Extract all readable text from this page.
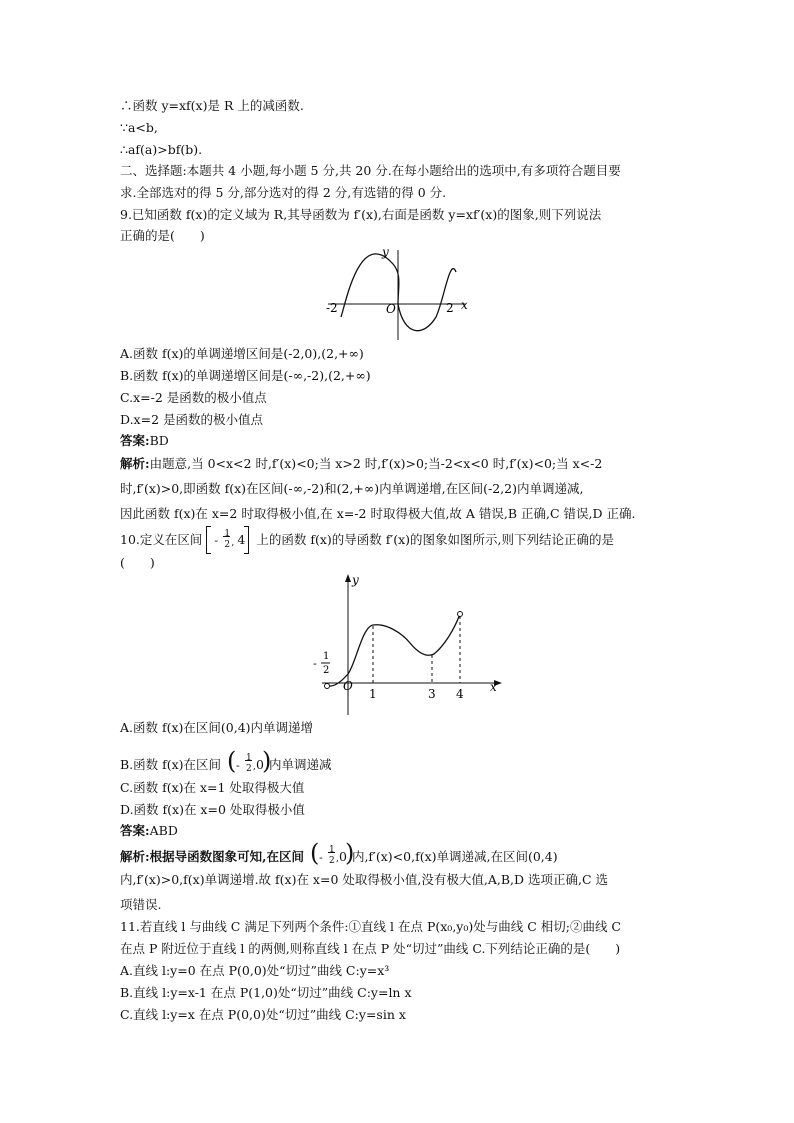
∴函数 y=xf(x)是 R 上的减函数.
∵a<b,
∴af(a)>bf(b).
二、选择题:本题共 4 小题,每小题 5 分,共 20 分.在每小题给出的选项中,有多项符合题目要
求.全部选对的得 5 分,部分选对的得 2 分,有选错的得 0 分.
9.已知函数 f(x)的定义域为 R,其导函数为 f′(x),右面是函数 y=xf′(x)的图象,则下列说法
正确的是(　　)
A.函数 f(x)的单调递增区间是(-2,0),(2,+∞)
B.函数 f(x)的单调递增区间是(-∞,-2),(2,+∞)
C.x=-2 是函数的极小值点
D.x=2 是函数的极小值点
答案:BD
解析:由题意,当 0<x<2 时,f′(x)<0;当 x>2 时,f′(x)>0;当-2<x<0 时,f′(x)<0;当 x<-2
时,f′(x)>0,即函数 f(x)在区间(-∞,-2)和(2,+∞)内单调递增,在区间(-2,2)内单调递减,
因此函数 f(x)在 x=2 时取得极小值,在 x=-2 时取得极大值,故 A 错误,B 正确,C 错误,D 正确.
(　　)
A.函数 f(x)在区间(0,4)内单调递增
C.函数 f(x)在 x=1 处取得极大值
D.函数 f(x)在 x=0 处取得极小值
答案:ABD
内,f′(x)>0,f(x)单调递增.故 f(x)在 x=0 处取得极小值,没有极大值,A,B,D 选项正确,C 选
项错误.
11.若直线 l 与曲线 C 满足下列两个条件:①直线 l 在点 P(x₀,y₀)处与曲线 C 相切;②曲线 C
在点 P 附近位于直线 l 的两侧,则称直线 l 在点 P 处“切过”曲线 C.下列结论正确的是(　　)
A.直线 l:y=0 在点 P(0,0)处“切过”曲线 C:y=x³
B.直线 l:y=x-1 在点 P(1,0)处“切过”曲线 C:y=ln x
C.直线 l:y=x 在点 P(0,0)处“切过”曲线 C:y=sin x
10.定义在区间 - 1
2 , 4 上的函数 f(x)的导函数 f′(x)的图象如图所示,则下列结论正确的是
B.函数 f(x)在区间 ( -
1
2 , 0
)
内单调递减
解析:根据导函数图象可知,在区间 ( -
1
2 , 0
)
内,f′(x)<0,f(x)单调递减,在区间(0,4)
y
x
O
-2	2
y
x
O
-
1
2
1	3 4
